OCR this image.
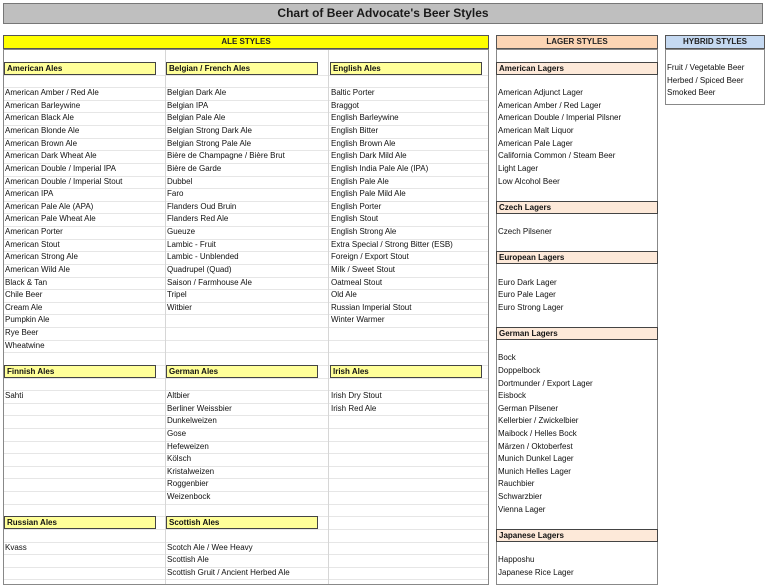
Chart of Beer Advocate's Beer Styles
ALE STYLES	LAGER STYLES	HYBRID STYLES
American Ales
American Amber / Red Ale
American Barleywine
American Black Ale
American Blonde Ale
American Brown Ale
American Dark Wheat Ale
American Double / Imperial IPA
American Double / Imperial Stout
American IPA
American Pale Ale (APA)
American Pale Wheat Ale
American Porter
American Stout
American Strong Ale
American Wild Ale
Black & Tan
Chile Beer
Cream Ale
Pumpkin Ale
Rye Beer
Wheatwine
Finnish Ales
Sahti
Russian Ales
Kvass
Belgian / French Ales
Belgian Dark Ale
Belgian IPA
Belgian Pale Ale
Belgian Strong Dark Ale
Belgian Strong Pale Ale
Bière de Champagne / Bière Brut
Bière de Garde
Dubbel
Faro
Flanders Oud Bruin
Flanders Red Ale
Gueuze
Lambic - Fruit
Lambic - Unblended
Quadrupel (Quad)
Saison / Farmhouse Ale
Tripel
Witbier
German Ales
Altbier
Berliner Weissbier
Dunkelweizen
Gose
Hefeweizen
Kölsch
Kristalweizen
Roggenbier
Weizenbock
Scottish Ales
Scotch Ale / Wee Heavy
Scottish Ale
Scottish Gruit / Ancient Herbed Ale
English Ales
Baltic Porter
Braggot
English Barleywine
English Bitter
English Brown Ale
English Dark Mild Ale
English India Pale Ale (IPA)
English Pale Ale
English Pale Mild Ale
English Porter
English Stout
English Strong Ale
Extra Special / Strong Bitter (ESB)
Foreign / Export Stout
Milk / Sweet Stout
Oatmeal Stout
Old Ale
Russian Imperial Stout
Winter Warmer
Irish Ales
Irish Dry Stout
Irish Red Ale
American Lagers
American Adjunct Lager
American Amber / Red Lager
American Double / Imperial Pilsner
American Malt Liquor
American Pale Lager
California Common / Steam Beer
Light Lager
Low Alcohol Beer
Czech Lagers
Czech Pilsener
European Lagers
Euro Dark Lager
Euro Pale Lager
Euro Strong Lager
German Lagers
Bock
Doppelbock
Dortmunder / Export Lager
Eisbock
German Pilsener
Kellerbier / Zwickelbier
Maibock / Helles Bock
Märzen / Oktoberfest
Munich Dunkel Lager
Munich Helles Lager
Rauchbier
Schwarzbier
Vienna Lager
Japanese Lagers
Happoshu
Japanese Rice Lager
Fruit / Vegetable Beer
Herbed / Spiced Beer
Smoked Beer
